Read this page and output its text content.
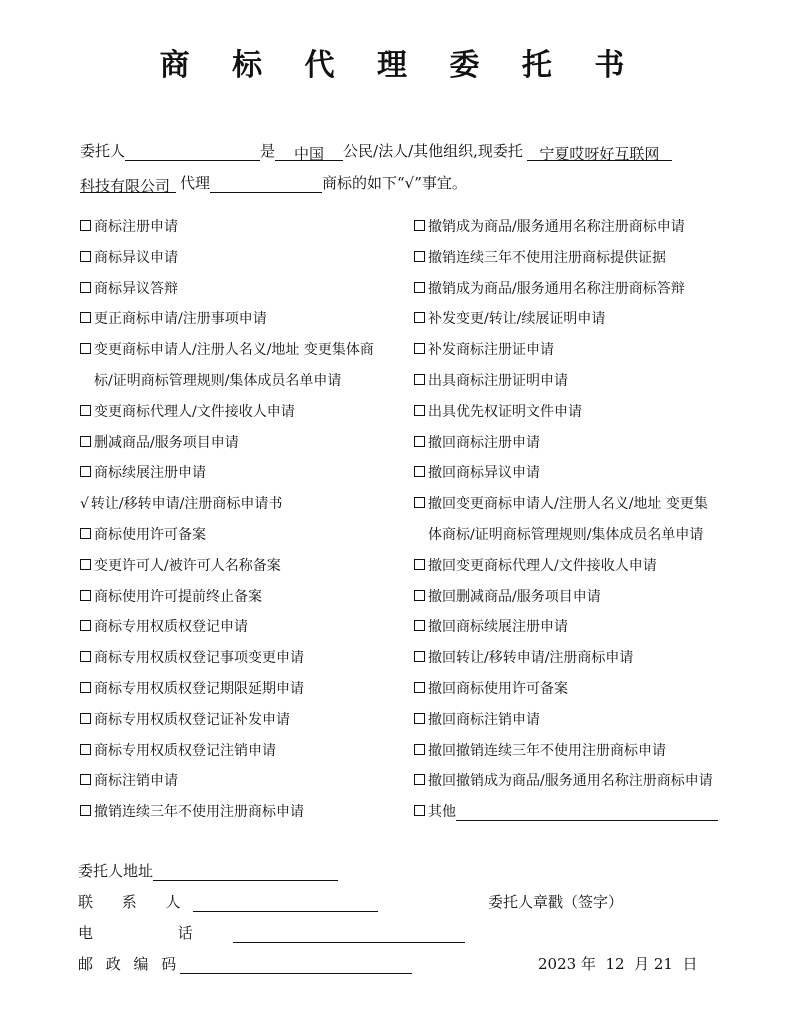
商 标 代 理 委 托 书
委托人	是 中国 公民/法人/其他组织,现委托 宁夏哎呀好互联网
科技有限公司 代理	商标的如下“√”事宜。
商标注册申请
商标异议申请
商标异议答辩
更正商标申请/注册事项申请
变更商标申请人/注册人名义/地址 变更集体商
标/证明商标管理规则/集体成员名单申请
变更商标代理人/文件接收人申请
删减商品/服务项目申请
商标续展注册申请
√ 转让/移转申请/注册商标申请书
商标使用许可备案
变更许可人/被许可人名称备案
商标使用许可提前终止备案
商标专用权质权登记申请
商标专用权质权登记事项变更申请
商标专用权质权登记期限延期申请
商标专用权质权登记证补发申请
商标专用权质权登记注销申请
商标注销申请
撤销连续三年不使用注册商标申请
撤销成为商品/服务通用名称注册商标申请
撤销连续三年不使用注册商标提供证据
撤销成为商品/服务通用名称注册商标答辩
补发变更/转让/续展证明申请
补发商标注册证申请
出具商标注册证明申请
出具优先权证明文件申请
撤回商标注册申请
撤回商标异议申请
撤回变更商标申请人/注册人名义/地址 变更集
体商标/证明商标管理规则/集体成员名单申请
撤回变更商标代理人/文件接收人申请
撤回删减商品/服务项目申请
撤回商标续展注册申请
撤回转让/移转申请/注册商标申请
撤回商标使用许可备案
撤回商标注销申请
撤回撤销连续三年不使用注册商标申请
撤回撤销成为商品/服务通用名称注册商标申请
其他
委托人地址
联 系 人	委托人章戳（签字）
电 话
邮 政 编 码	2023 年  12  月 21  日
